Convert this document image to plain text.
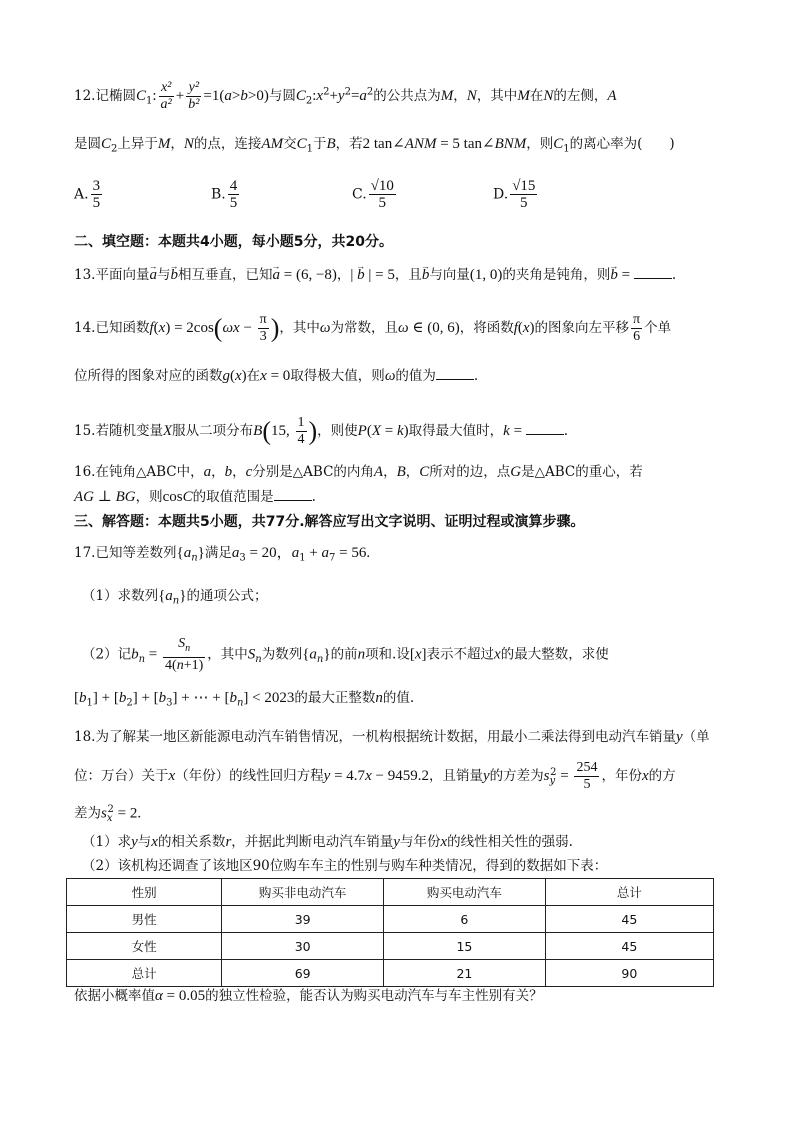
12.记椭圆$C_1$: $\frac{\text{x²}}{\text{a²}} + \frac{\text{y²}}{\text{b²}} =1(a>b>0)$与圆$C_2:x^2+y^2=a^2$的公共点为M，N，其中M在N的左侧，A
是圆$C_2$上异于M，N的点，连接AM交$C_1$于B，若2 tan∠ANM = 5 tan∠BNM，则$C_1$的离心率为(　　)
A. $\frac{3}{5}$	B. $\frac{4}{5}$	C. $\frac{√10}{5}$	D. $\frac{√15}{5}$
二、填空题：本题共4小题，每小题5分，共20分。
13.平面向量→ a与→ b相互垂直，已知→ a = (6, −8)，| → b | = 5，且→ b与向量(1, 0)的夹角是钝角，则→ b =	.
14.已知函数$f(x) = 2\cos(\omega x - \frac{\pi}{3}$ )，其中ω为常数，且ω ∈ (0, 6)，将函数f(x)的图象向左平移 $\frac{\pi}{6}$ 个单
位所得的图象对应的函数g(x)在x = 0取得极大值，则ω的值为	.
15.若随机变量X服从二项分布B(15, $\frac{1}{4}$ )，则使P(X = k)取得最大值时，k =	.
16.在钝角△ABC中，a，b，c分别是△ABC的内角A，B，C所对的边，点G是△ABC的重心，若
AG ⊥ BG，则cosC的取值范围是	.
三、解答题：本题共5小题，共77分.解答应写出文字说明、证明过程或演算步骤。
17.已知等差数列$\{a_n\}$满足$a_3 = 20$，$a_1 + a_7 = 56$.
（1）求数列$\{a_n\}$的通项公式；
（2）记$b_n = \frac{S_n}{4(n+1)}$ ，其中$S_n$为数列$\{a_n\}$的前n项和.设[x]表示不超过x的最大整数，求使
$[b_1] + [b_2] + [b_3]$ + ⋯ + $[b_n] < 2023$的最大正整数n的值.
18.为了解某一地区新能源电动汽车销售情况，一机构根据统计数据，用最小二乘法得到电动汽车销量y（单
位：万台）关于x（年份）的线性回归方程y = 4.7x − 9459.2，且销量y的方差为$s_y^2 = \frac{254}{5}$ ，年份x的方
差为$s_x^2 = 2$.
（1）求y与x的相关系数r，并据此判断电动汽车销量y与年份x的线性相关性的强弱.
（2）该机构还调查了该地区90位购车车主的性别与购车种类情况，得到的数据如下表：
性别	购买非电动汽车	购买电动汽车	总计
男性	39	6	45
女性	30	15	45
总计	69	21	90
依据小概率值α = 0.05的独立性检验，能否认为购买电动汽车与车主性别有关？
